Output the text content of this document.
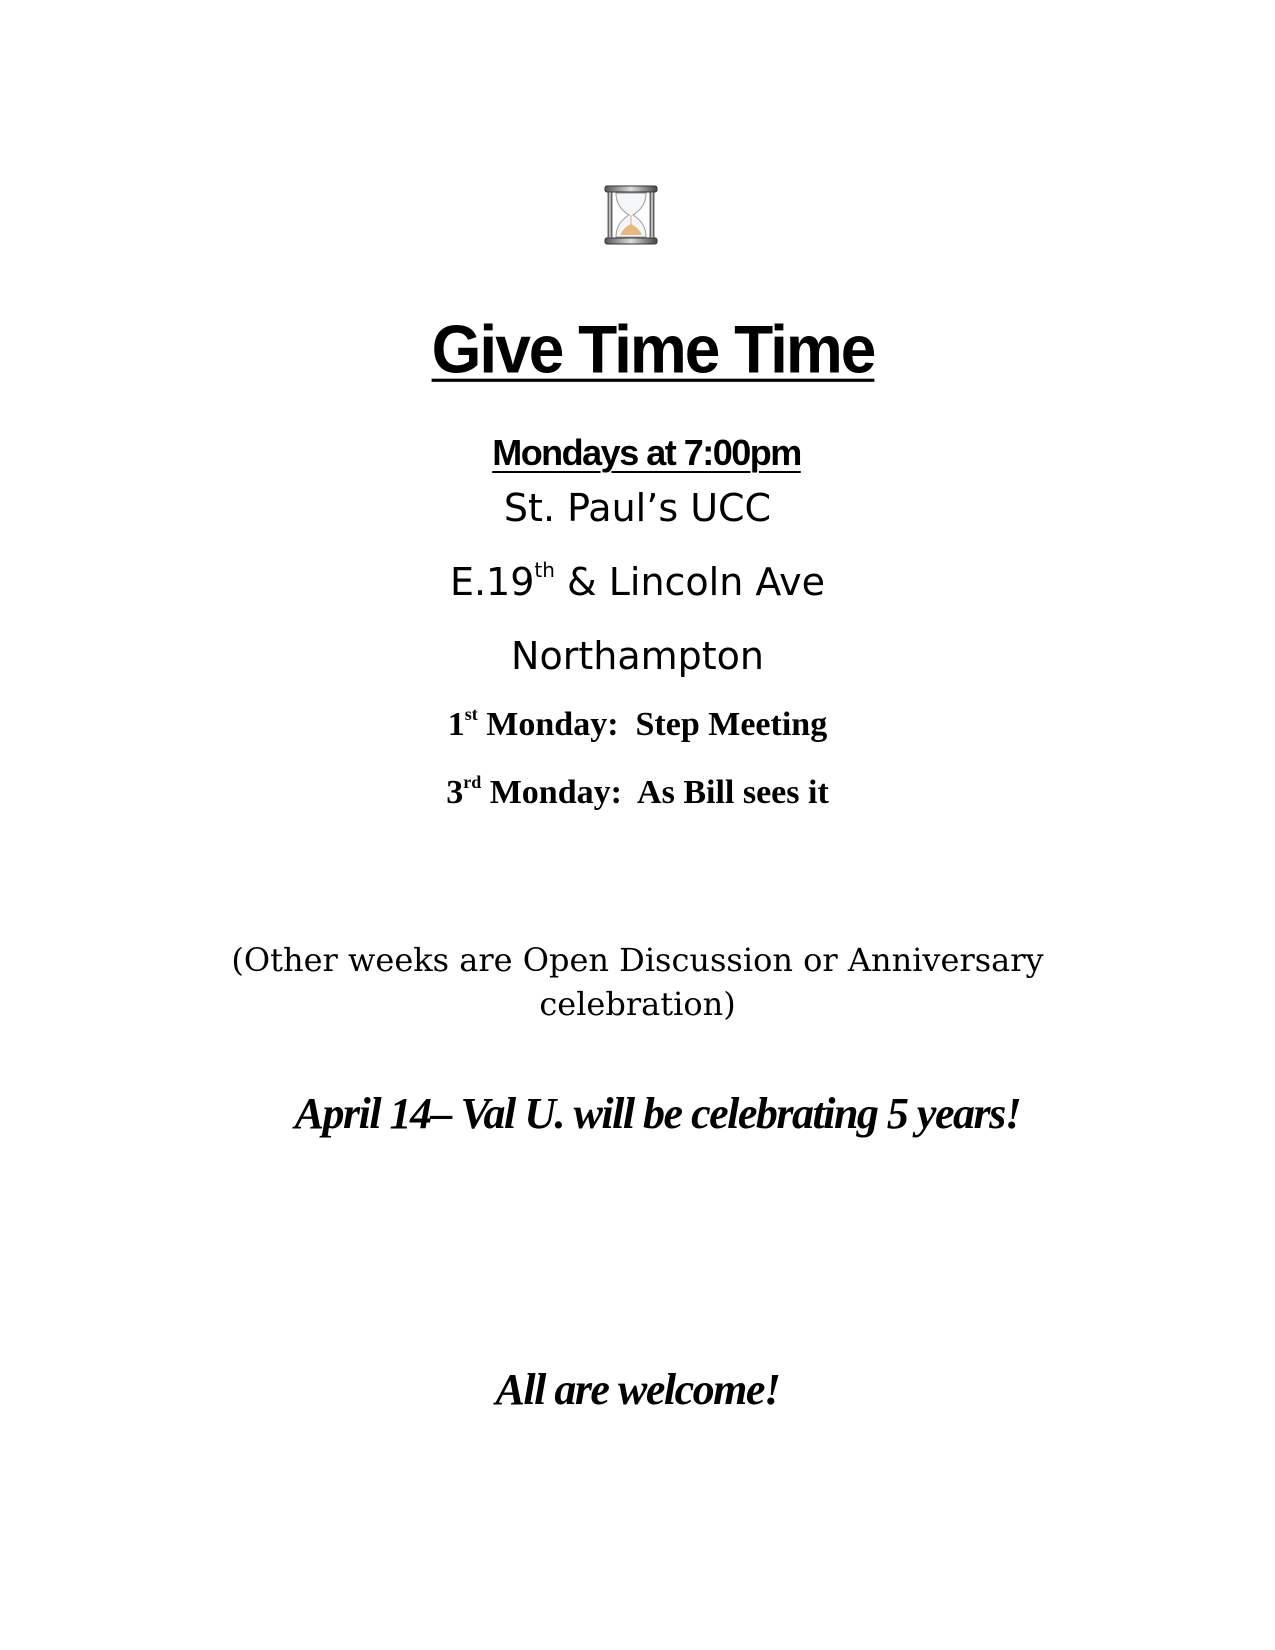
Give Time Time
Mondays at 7:00pm
St. Paul’s UCC
E.19th & Lincoln Ave
Northampton
1st Monday:  Step Meeting
3rd Monday:  As Bill sees it
(Other weeks are Open Discussion or Anniversary
celebration)
April 14– Val U. will be celebrating 5 years!
All are welcome!
